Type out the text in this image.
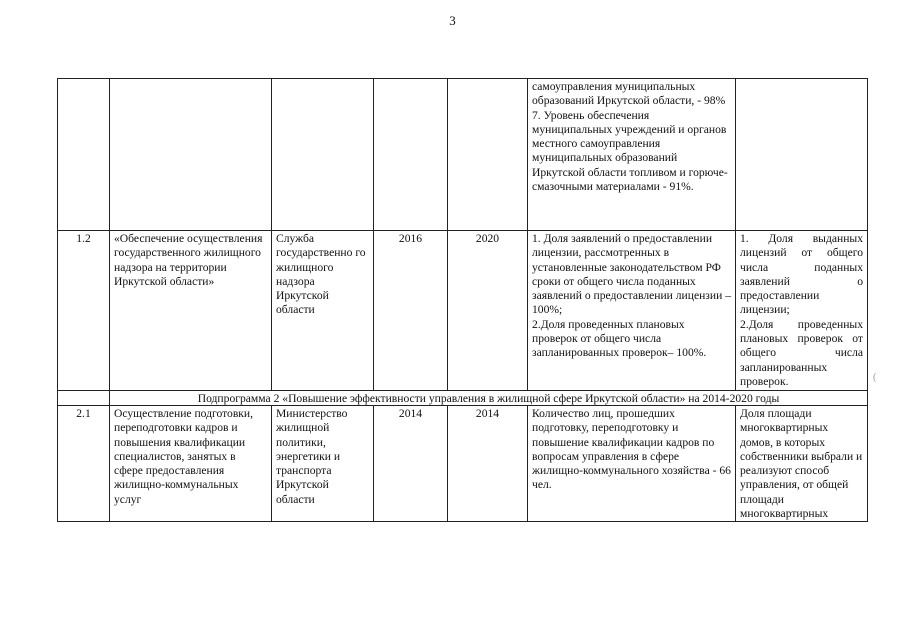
3
					самоуправления муниципальных образований Иркутской области, - 98%
7. Уровень обеспечения муниципальных учреждений и органов местного самоуправления муниципальных образований Иркутской области топливом и горюче-смазочными материалами - 91%.	
1.2	«Обеспечение осуществления государственного жилищного надзора на территории Иркутской области»	Служба государственно го жилищного надзора Иркутской области	2016	2020	1. Доля заявлений о предоставлении лицензии, рассмотренных в установленные законодательством РФ сроки от общего числа поданных заявлений о предоставлении лицензии – 100%;
2.Доля проведенных плановых проверок от общего числа запланированных проверок– 100%.	1. Доля выданных лицензий от общего числа поданных заявлений о предоставлении лицензии;
2.Доля проведенных плановых проверок от общего числа запланированных проверок.
	Подпрограмма 2 «Повышение эффективности управления в жилищной сфере Иркутской области» на 2014-2020 годы					
2.1	Осуществление подготовки, переподготовки кадров и повышения квалификации специалистов, занятых в сфере предоставления жилищно-коммунальных услуг	Министерство жилищной политики, энергетики и транспорта Иркутской области	2014	2014	Количество лиц, прошедших подготовку, переподготовку и повышение квалификации кадров по вопросам управления в сфере жилищно-коммунального хозяйства - 66 чел.	Доля площади многоквартирных домов, в которых собственники выбрали и реализуют способ управления, от общей площади многоквартирных
(
